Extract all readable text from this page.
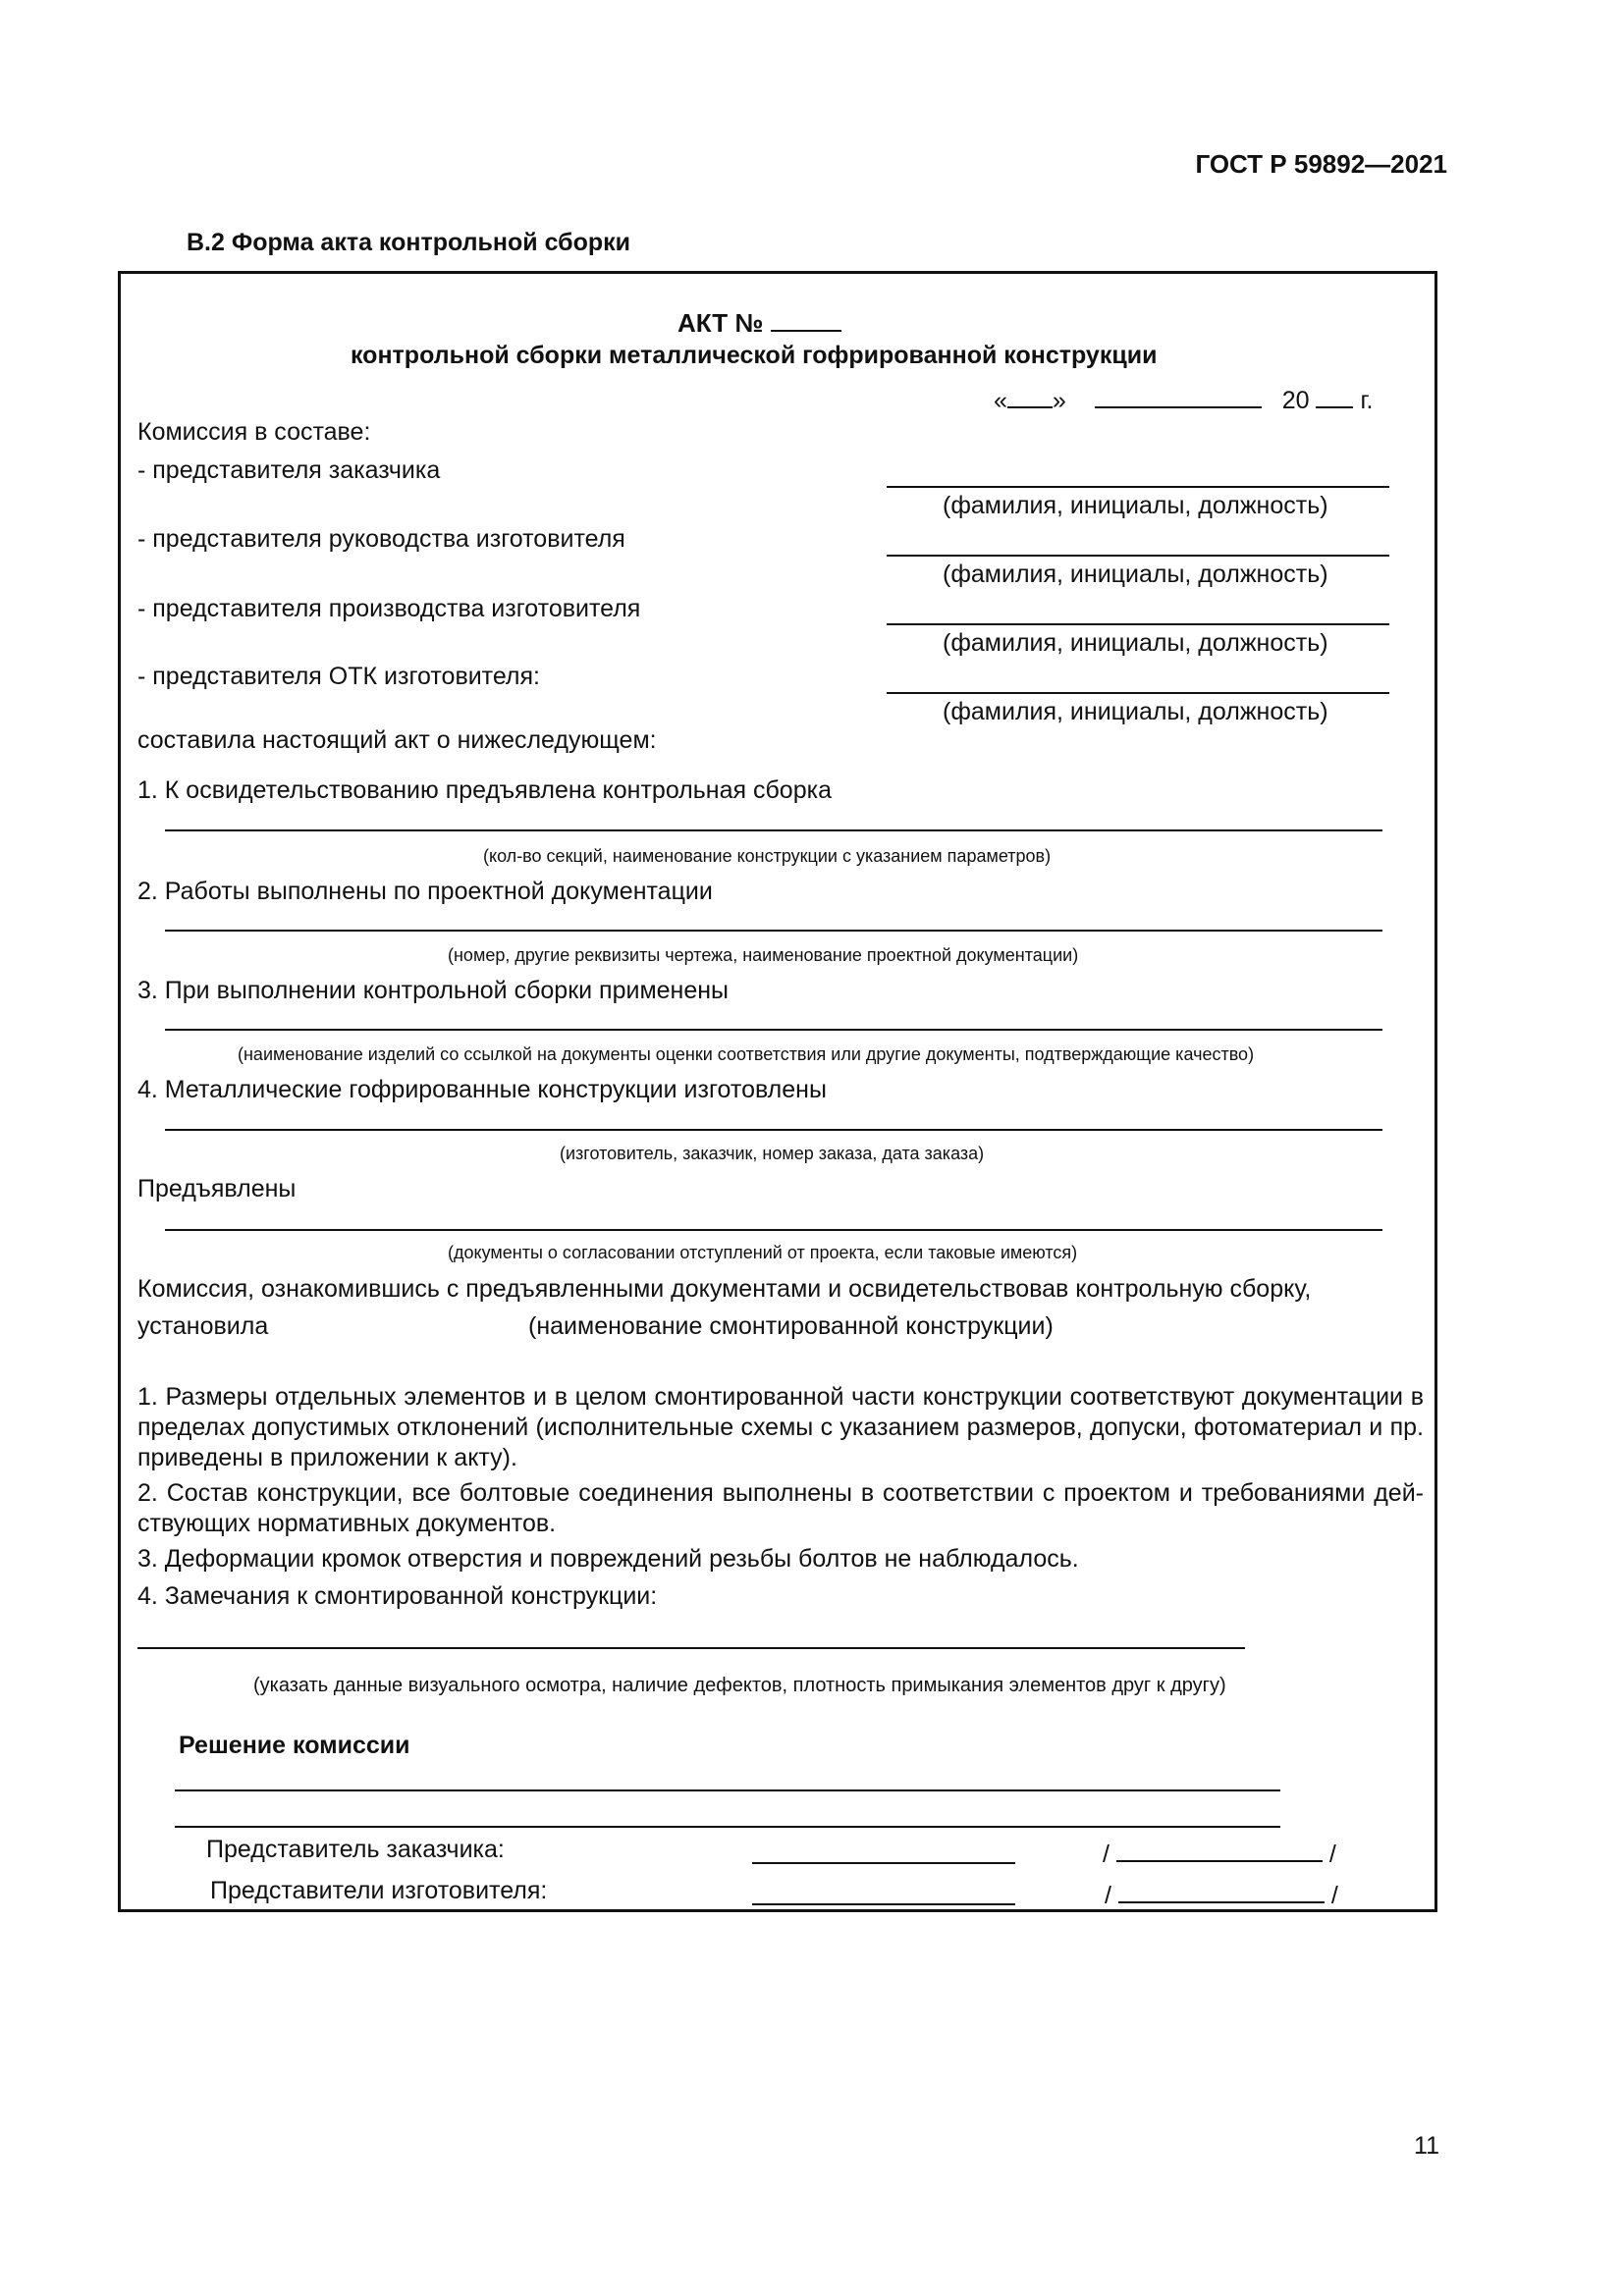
ГОСТ Р 59892—2021
В.2 Форма акта контрольной сборки
АКТ №
контрольной сборки металлической гофрированной конструкции
« »	20 г.
Комиссия в составе:
- представителя заказчика
(фамилия, инициалы, должность)
- представителя руководства изготовителя
(фамилия, инициалы, должность)
- представителя производства изготовителя
(фамилия, инициалы, должность)
- представителя ОТК изготовителя:
(фамилия, инициалы, должность)
составила настоящий акт о нижеследующем:
1. К освидетельствованию предъявлена контрольная сборка
(кол-во секций, наименование конструкции с указанием параметров)
2. Работы выполнены по проектной документации
(номер, другие реквизиты чертежа, наименование проектной документации)
3. При выполнении контрольной сборки применены
(наименование изделий со ссылкой на документы оценки соответствия или другие документы, подтверждающие качество)
4. Металлические гофрированные конструкции изготовлены
(изготовитель, заказчик, номер заказа, дата заказа)
Предъявлены
(документы о согласовании отступлений от проекта, если таковые имеются)
Комиссия, ознакомившись с предъявленными документами и освидетельствовав контрольную сборку,
установила	(наименование смонтированной конструкции)
1. Размеры отдельных элементов и в целом смонтированной части конструкции соответствуют документации в пределах допустимых отклонений (исполнительные схемы с указанием размеров, допуски, фотоматериал и пр. приведены в приложении к акту).
2. Состав конструкции, все болтовые соединения выполнены в соответствии с проектом и требованиями дей-ствующих нормативных документов.
3. Деформации кромок отверстия и повреждений резьбы болтов не наблюдалось.
4. Замечания к смонтированной конструкции:
(указать данные визуального осмотра, наличие дефектов, плотность примыкания элементов друг к другу)
Решение комиссии
Представитель заказчика:	/	/
Представители изготовителя:	/	/
11
